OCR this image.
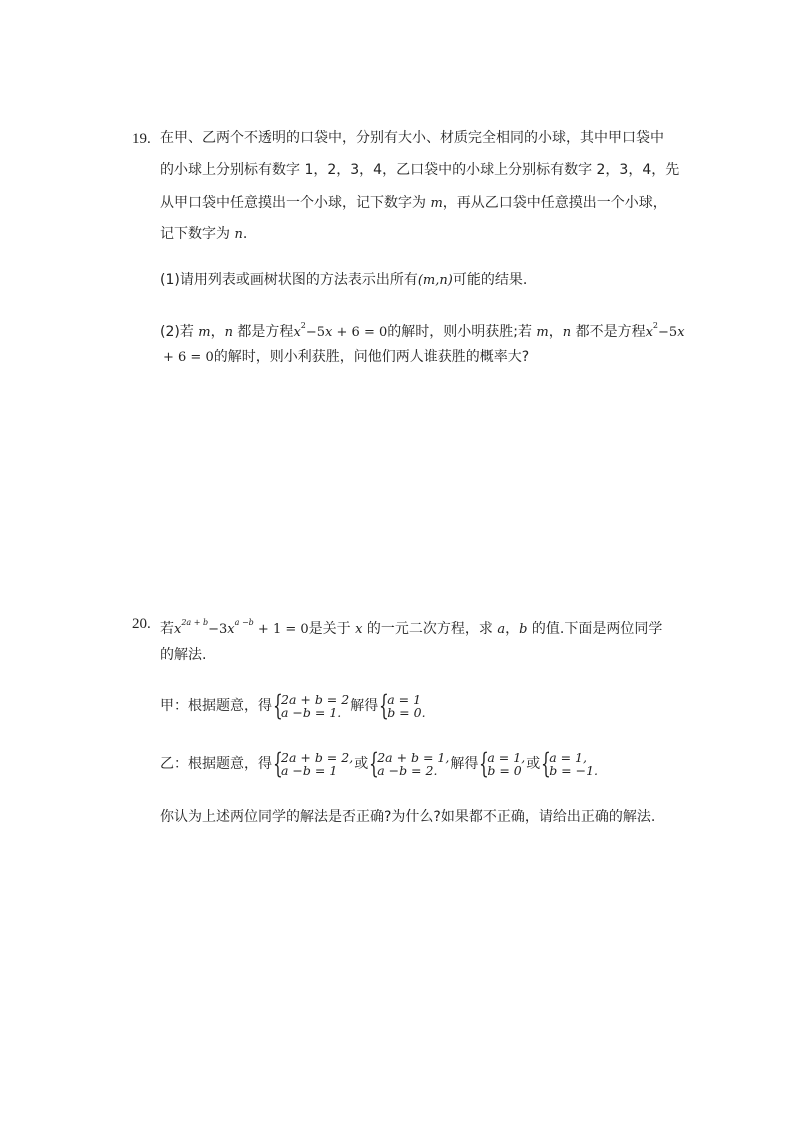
19. 在甲、乙两个不透明的口袋中，分别有大小、材质完全相同的小球，其中甲口袋中
的小球上分别标有数字 1，2，3，4，乙口袋中的小球上分别标有数字 2，3，4，先
从甲口袋中任意摸出一个小球，记下数字为 m，再从乙口袋中任意摸出一个小球，
记下数字为 n.
(1)请用列表或画树状图的方法表示出所有(m,n)可能的结果.
(2)若 m，n 都是方程$x^2-5x + 6 = 0$的解时，则小明获胜;若 m，n 都不是方程$x^2-5x$
+ 6 = 0的解时，则小利获胜，问他们两人谁获胜的概率大?
20. 若$x^{2a + b}-3x^{a -b} + 1 = 0$是关于 x 的一元二次方程，求 a，b 的值.下面是两位同学
的解法.
甲：根据题意，得 {
2a + b = 2
a −b = 1. 解得 {
a = 1
b = 0.
乙：根据题意，得 {
2a + b = 2,
a −b = 1	或 {
2a + b = 1,
a −b = 2. 解得 {
a = 1,
b = 0 或 {
a = 1,
b = −1.
你认为上述两位同学的解法是否正确?为什么?如果都不正确，请给出正确的解法.
